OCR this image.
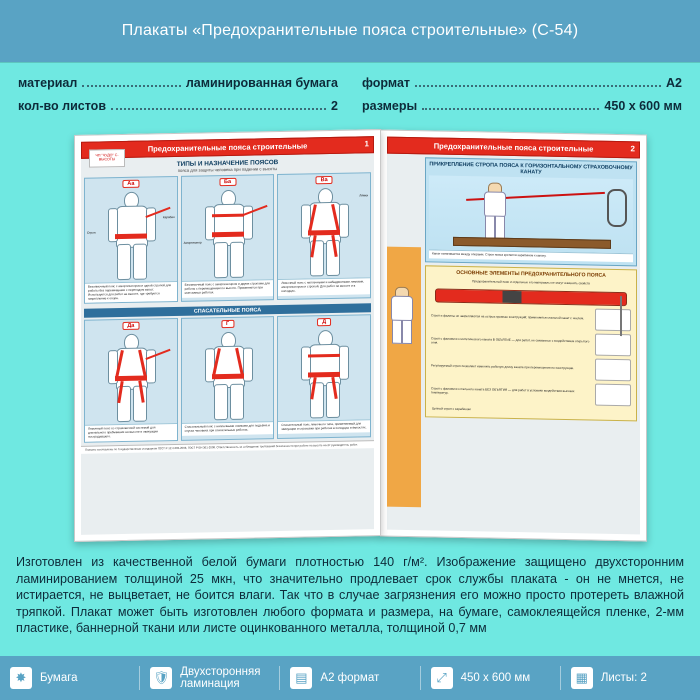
Плакаты «Предохранительные пояса строительные» (С-54)
материал	ламинированная бумага
кол-во листов	2
формат	А2
размеры	450 х 600 мм
Предохранительные пояса строительные	2
ПРИКРЕПЛЕНИЕ СТРОПА ПОЯСА К ГОРИЗОНТАЛЬНОМУ СТРАХОВОЧНОМУ КАНАТУ
Канат натягивается между опорами. Строп пояса крепится карабином к канату.
ОСНОВНЫЕ ЭЛЕМЕНТЫ ПРЕДОХРАНИТЕЛЬНОГО ПОЯСА
Предохранительный пояс и отдельные его материалы не могут изменять свойств
Строп и фалины не закрепляются на острых кромках конструкций; применяется стальной канат с чехлом.
Строп с фалами из синтетического каната В ОБЪЯТИЕ — для работ, не связанных с воздействием открытого огня.
Регулируемый строп позволяет изменять рабочую длину каната при перемещении по конструкции.
Строп с фалами из стального каната БЕЗ ОБЪЯТИЯ — для работ в условиях воздействия высоких температур.
Цепной строп с карабином
ЧП "ЧУДО" С-ВЫСОТЫ
Предохранительные пояса строительные	1
ТИПЫ И НАЗНАЧЕНИЕ ПОЯСОВ
пояса для защиты человека при падении с высоты
Аа
Строп
Карабин
Безлямочный пояс с амортизатором и одной стропой для работы без перемещения с перепадом высот. Используется для работ на высоте, где требуется закрепление к опоре.
Ба
Амортизатор
Безлямочный пояс с амортизатором и двумя стропами для работы с перемещением по высоте. Применяется при монтажных работах.
Ва
Лямки
Лямочный пояс с наплечными и набедренными лямками, амортизатором и стропой. Для работ на высоте и в колодцах.
СПАСАТЕЛЬНЫЕ ПОЯСА
Да
Лямочный пояс со страховочной системой для длительного пребывания на высоте и эвакуации пострадавшего.
Г
Спасательный пояс с наплечными лямками для подъёма и спуска человека при спасательных работах.
Д
Спасательный пояс лямочного типа, применяемый для эвакуации и страховки при работах в колодцах и ёмкостях.
Плакаты изготовлены по Государственным стандартам ГОСТ Р 12.4.205-2003, ГОСТ Р ЕН 361-2008. Ответственность за соблюдение требований безопасности при работе на высоте несёт руководитель работ.
Изготовлен из качественной белой бумаги плотностью 140 г/м². Изображение защищено двухсторонним ламинированием толщиной 25 мкн, что значительно продлевает срок службы плаката - он не мнется, не истирается, не выцветает, не боится влаги. Так что в случае загрязнения его можно просто протереть влажной тряпкой. Плакат может быть изготовлен любого формата и размера, на бумаге, самоклеящейся пленке, 2-мм пластике, баннерной ткани или листе оцинкованного металла, толщиной 0,7 мм
✸	Бумага	🛡 Двухсторонняя ламинация	▤	A2 формат	⤢	450 x 600 мм	▦	Листы: 2
